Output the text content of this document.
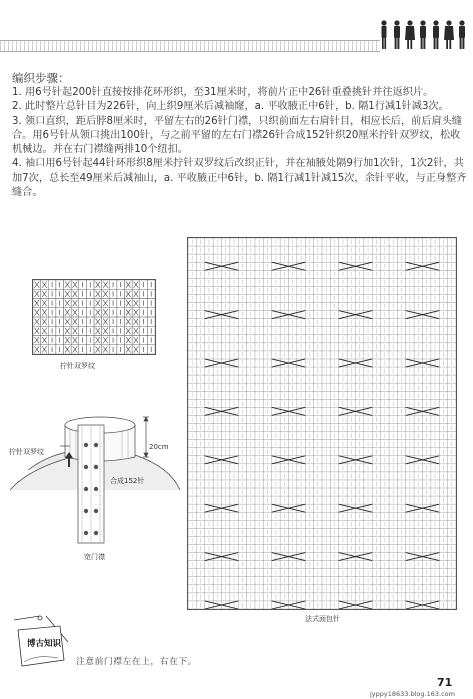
编织步骤：

1. 用6号针起200针直接按排花环形织，至31厘米时，将前片正中26针重叠挑针并往返织片。

2. 此时整片总针目为226针，向上织9厘米后减袖窿，a. 平收腋正中6针，b. 隔1行减1针减3次。

3. 领口直织，距后脖8厘米时，平留左右的26针门襟，只织前面左右肩针目，相应长后，前后肩头缝合。用6号针从领口挑出100针，与之前平留的左右门襟26针合成152针织20厘米拧针双罗纹，松收机械边。并在右门襟缝两排10个纽扣。

4. 袖口用6号针起44针环形织8厘米拧针双罗纹后改织正针，并在袖腋处隔9行加1次针，1次2针，共加7次，总长至49厘米后减袖山，a. 平收腋正中6针，b. 隔1行减1针减15次，余针平收，与正身整齐缝合。

拧针双罗纹
法式面包针
拧针双罗纹
20cm
合成152针
宽门襟
博古知识
注意前门襟左在上，右在下。
71
jyppy18633.blog.163.com
